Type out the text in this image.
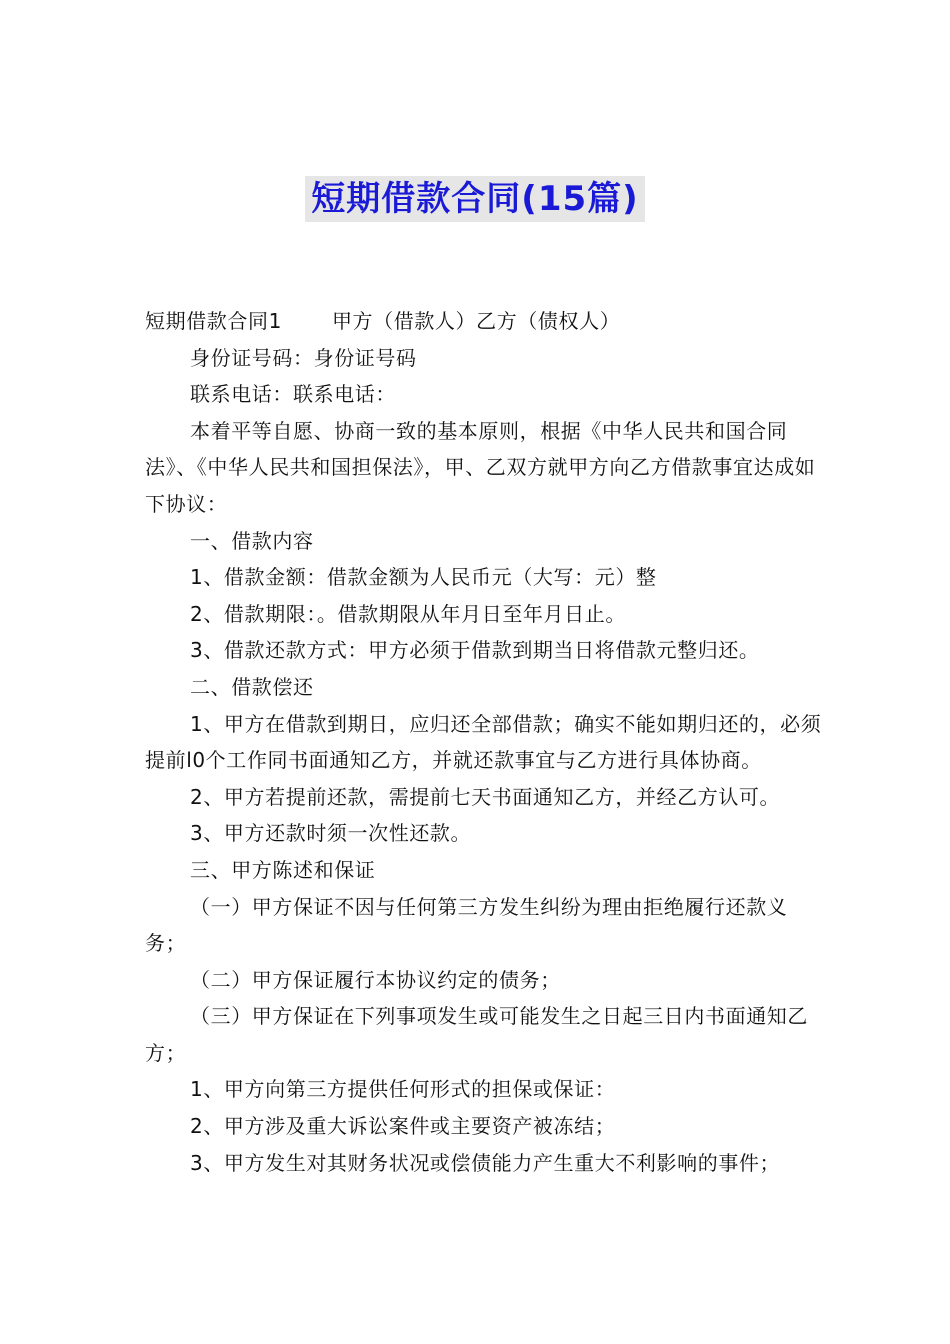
短期借款合同(15篇)

短期借款合同1	甲方（借款人）乙方（债权人）

身份证号码：身份证号码

联系电话：联系电话：

本着平等自愿、协商一致的基本原则，根据《中华人民共和国合同法》、《中华人民共和国担保法》，甲、乙双方就甲方向乙方借款事宜达成如下协议：

一、借款内容

1、借款金额：借款金额为人民币元（大写：元）整

2、借款期限：。借款期限从年月日至年月日止。

3、借款还款方式：甲方必须于借款到期当日将借款元整归还。

二、借款偿还

1、甲方在借款到期日，应归还全部借款；确实不能如期归还的，必须提前l0个工作同书面通知乙方，并就还款事宜与乙方进行具体协商。

2、甲方若提前还款，需提前七天书面通知乙方，并经乙方认可。

3、甲方还款时须一次性还款。

三、甲方陈述和保证

（一）甲方保证不因与任何第三方发生纠纷为理由拒绝履行还款义务；

（二）甲方保证履行本协议约定的债务；

（三）甲方保证在下列事项发生或可能发生之日起三日内书面通知乙方；

1、甲方向第三方提供任何形式的担保或保证：

2、甲方涉及重大诉讼案件或主要资产被冻结；

3、甲方发生对其财务状况或偿债能力产生重大不利影响的事件；
